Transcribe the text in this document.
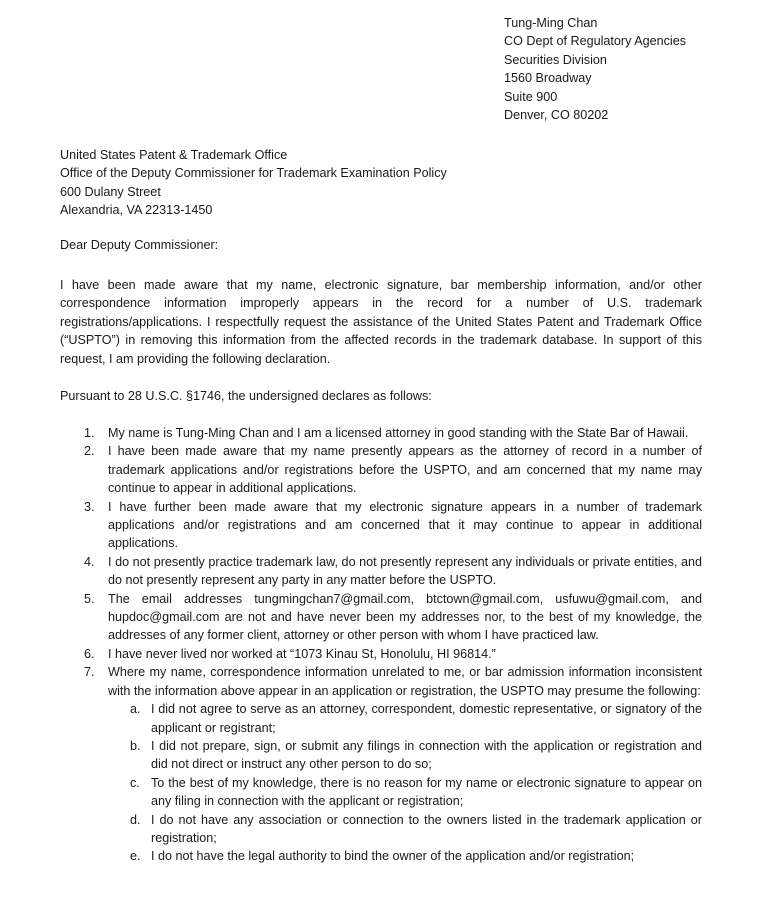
Tung-Ming Chan
CO Dept of Regulatory Agencies
Securities Division
1560 Broadway
Suite 900
Denver, CO 80202
United States Patent & Trademark Office
Office of the Deputy Commissioner for Trademark Examination Policy
600 Dulany Street
Alexandria, VA 22313-1450
Dear Deputy Commissioner:
I have been made aware that my name, electronic signature, bar membership information, and/or other correspondence information improperly appears in the record for a number of U.S. trademark registrations/applications. I respectfully request the assistance of the United States Patent and Trademark Office (“USPTO”) in removing this information from the affected records in the trademark database. In support of this request, I am providing the following declaration.
Pursuant to 28 U.S.C. §1746, the undersigned declares as follows:
1. My name is Tung-Ming Chan and I am a licensed attorney in good standing with the State Bar of Hawaii.
2. I have been made aware that my name presently appears as the attorney of record in a number of trademark applications and/or registrations before the USPTO, and am concerned that my name may continue to appear in additional applications.
3. I have further been made aware that my electronic signature appears in a number of trademark applications and/or registrations and am concerned that it may continue to appear in additional applications.
4. I do not presently practice trademark law, do not presently represent any individuals or private entities, and do not presently represent any party in any matter before the USPTO.
5. The email addresses tungmingchan7@gmail.com, btctown@gmail.com, usfuwu@gmail.com, and hupdoc@gmail.com are not and have never been my addresses nor, to the best of my knowledge, the addresses of any former client, attorney or other person with whom I have practiced law.
6. I have never lived nor worked at “1073 Kinau St, Honolulu, HI 96814.”
7. Where my name, correspondence information unrelated to me, or bar admission information inconsistent with the information above appear in an application or registration, the USPTO may presume the following:
a. I did not agree to serve as an attorney, correspondent, domestic representative, or signatory of the applicant or registrant;
b. I did not prepare, sign, or submit any filings in connection with the application or registration and did not direct or instruct any other person to do so;
c. To the best of my knowledge, there is no reason for my name or electronic signature to appear on any filing in connection with the applicant or registration;
d. I do not have any association or connection to the owners listed in the trademark application or registration;
e. I do not have the legal authority to bind the owner of the application and/or registration;
